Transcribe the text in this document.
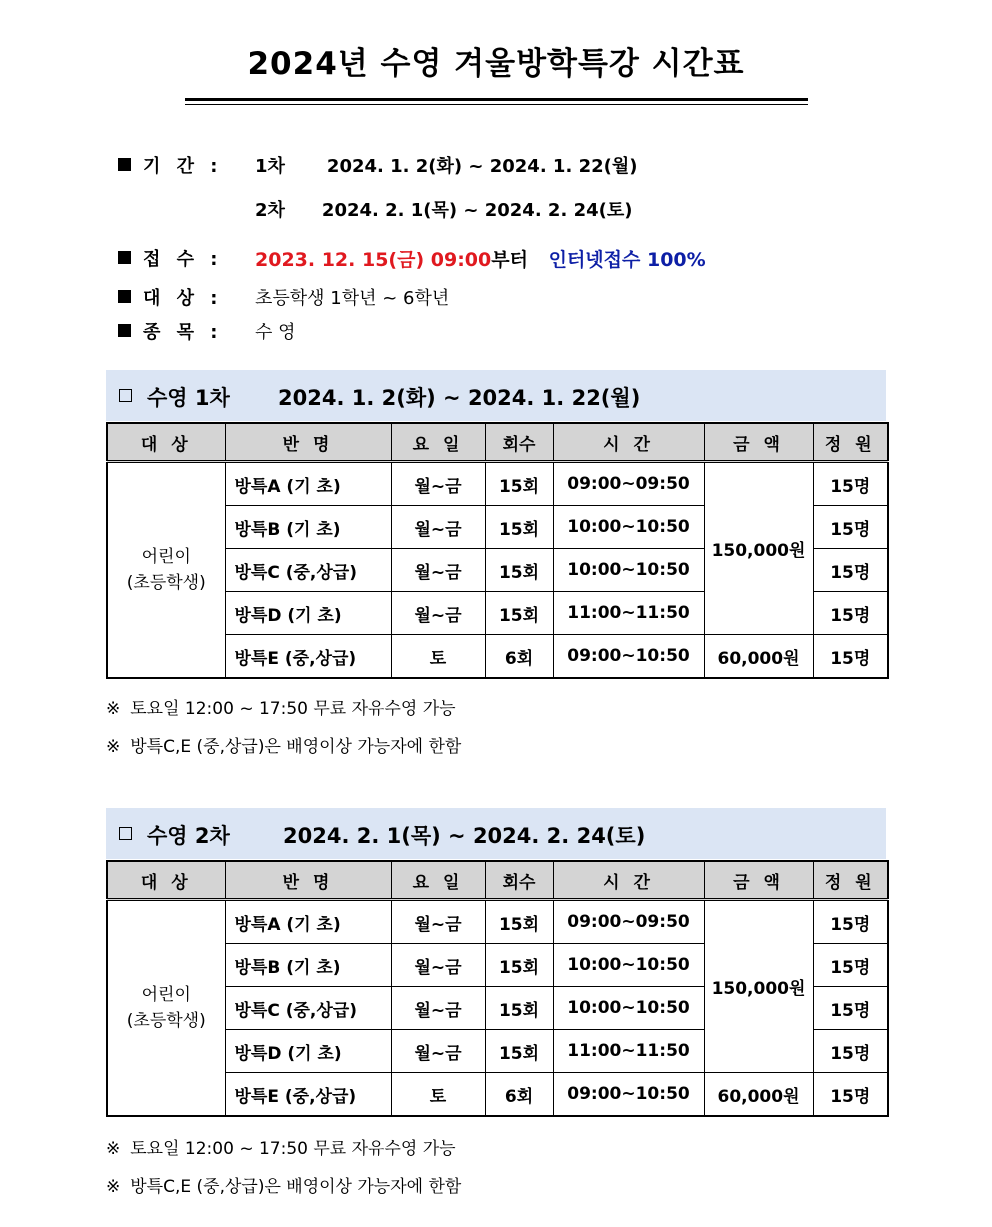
2024년 수영 겨울방학특강 시간표
기 간 : 1차 2024. 1. 2(화) ~ 2024. 1. 22(월)
2차 2024. 2. 1(목) ~ 2024. 2. 24(토)
접 수 : 2023. 12. 15(금) 09:00부터 인터넷접수 100%
대 상 : 초등학생 1학년 ~ 6학년
종 목 : 수 영
수영 1차 2024. 1. 2(화) ~ 2024. 1. 22(월)
대 상	반 명	요 일	회수	시 간	금 액	정 원

어린이
(초등학생)	방특A (기 초)	월~금	15회	09:00~09:50	150,000원	15명
	방특B (기 초)	월~금	15회	10:00~10:50		15명
	방특C (중,상급)	월~금	15회	10:00~10:50		15명
	방특D (기 초)	월~금	15회	11:00~11:50		15명
	방특E (중,상급)	토	6회	09:00~10:50	60,000원	15명
※ 토요일 12:00 ~ 17:50 무료 자유수영 가능
※ 방특C,E (중,상급)은 배영이상 가능자에 한함
수영 2차	2024. 2. 1(목) ~ 2024. 2. 24(토)
대 상	반 명	요 일	회수	시 간	금 액	정 원

어린이
(초등학생)	방특A (기 초)	월~금	15회	09:00~09:50	150,000원	15명
	방특B (기 초)	월~금	15회	10:00~10:50		15명
	방특C (중,상급)	월~금	15회	10:00~10:50		15명
	방특D (기 초)	월~금	15회	11:00~11:50		15명
	방특E (중,상급)	토	6회	09:00~10:50	60,000원	15명
※ 토요일 12:00 ~ 17:50 무료 자유수영 가능
※ 방특C,E (중,상급)은 배영이상 가능자에 한함
